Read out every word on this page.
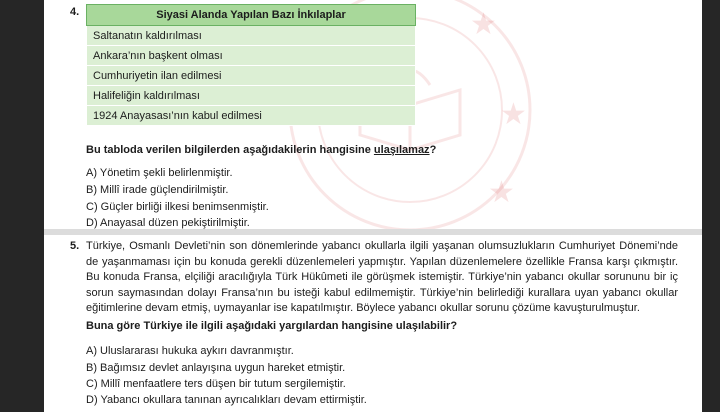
★
★
★
4.	Siyasi Alanda Yapılan Bazı İnkılaplar
Saltanatın kaldırılması
Ankara’nın başkent olması
Cumhuriyetin ilan edilmesi
Halifeliğin kaldırılması
1924 Anayasası’nın kabul edilmesi
Bu tabloda verilen bilgilerden aşağıdakilerin hangisine ulaşılamaz?
A) Yönetim şekli belirlenmiştir.
B) Millî irade güçlendirilmiştir.
C) Güçler birliği ilkesi benimsenmiştir.
D) Anayasal düzen pekiştirilmiştir.
5. Türkiye, Osmanlı Devleti’nin son dönemlerinde yabancı okullarla ilgili yaşanan olumsuzlukların Cumhuriyet Dönemi’nde de yaşanmaması için bu konuda gerekli düzenlemeleri yapmıştır. Yapılan düzenlemelere özellikle Fransa karşı çıkmıştır. Bu konuda Fransa, elçiliği aracılığıyla Türk Hükûmeti ile görüşmek istemiştir. Türkiye’nin yabancı okullar sorununu bir iç sorun saymasından dolayı Fransa’nın bu isteği kabul edilmemiştir. Türkiye’nin belirlediği kurallara uyan yabancı okullar eğitimlerine devam etmiş, uymayanlar ise kapatılmıştır. Böylece yabancı okullar sorunu çözüme kavuşturulmuştur.
Buna göre Türkiye ile ilgili aşağıdaki yargılardan hangisine ulaşılabilir?
A) Uluslararası hukuka aykırı davranmıştır.
B) Bağımsız devlet anlayışına uygun hareket etmiştir.
C) Millî menfaatlere ters düşen bir tutum sergilemiştir.
D) Yabancı okullara tanınan ayrıcalıkları devam ettirmiştir.
